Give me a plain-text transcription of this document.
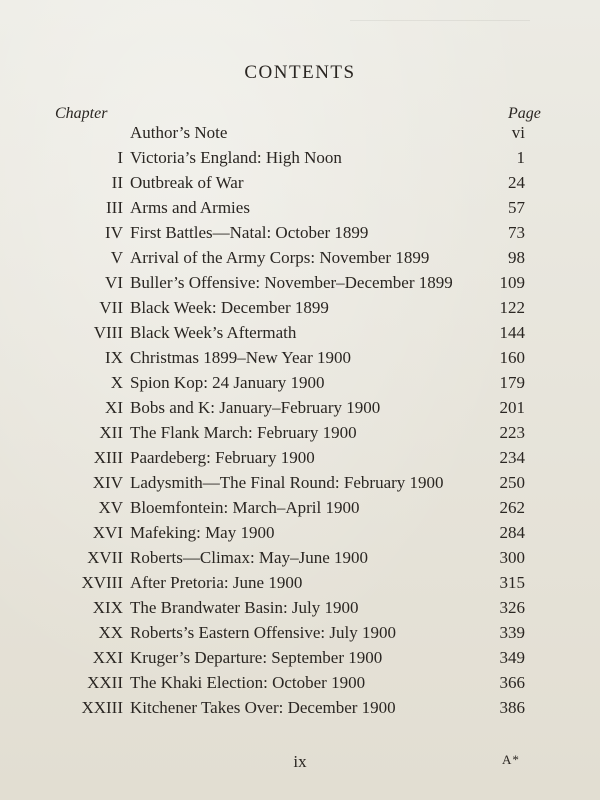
CONTENTS
Chapter	Page
Author’s Note	vi
I Victoria’s England: High Noon	1
II Outbreak of War	24
III Arms and Armies	57
IV First Battles—Natal: October 1899	73
V Arrival of the Army Corps: November 1899	98
VI Buller’s Offensive: November–December 1899	109
VII Black Week: December 1899	122
VIII Black Week’s Aftermath	144
IX Christmas 1899–New Year 1900	160
X Spion Kop: 24 January 1900	179
XI Bobs and K: January–February 1900	201
XII The Flank March: February 1900	223
XIII Paardeberg: February 1900	234
XIV Ladysmith—The Final Round: February 1900	250
XV Bloemfontein: March–April 1900	262
XVI Mafeking: May 1900	284
XVII Roberts—Climax: May–June 1900	300
XVIII After Pretoria: June 1900	315
XIX The Brandwater Basin: July 1900	326
XX Roberts’s Eastern Offensive: July 1900	339
XXI Kruger’s Departure: September 1900	349
XXII The Khaki Election: October 1900	366
XXIII Kitchener Takes Over: December 1900	386
ix	A*
